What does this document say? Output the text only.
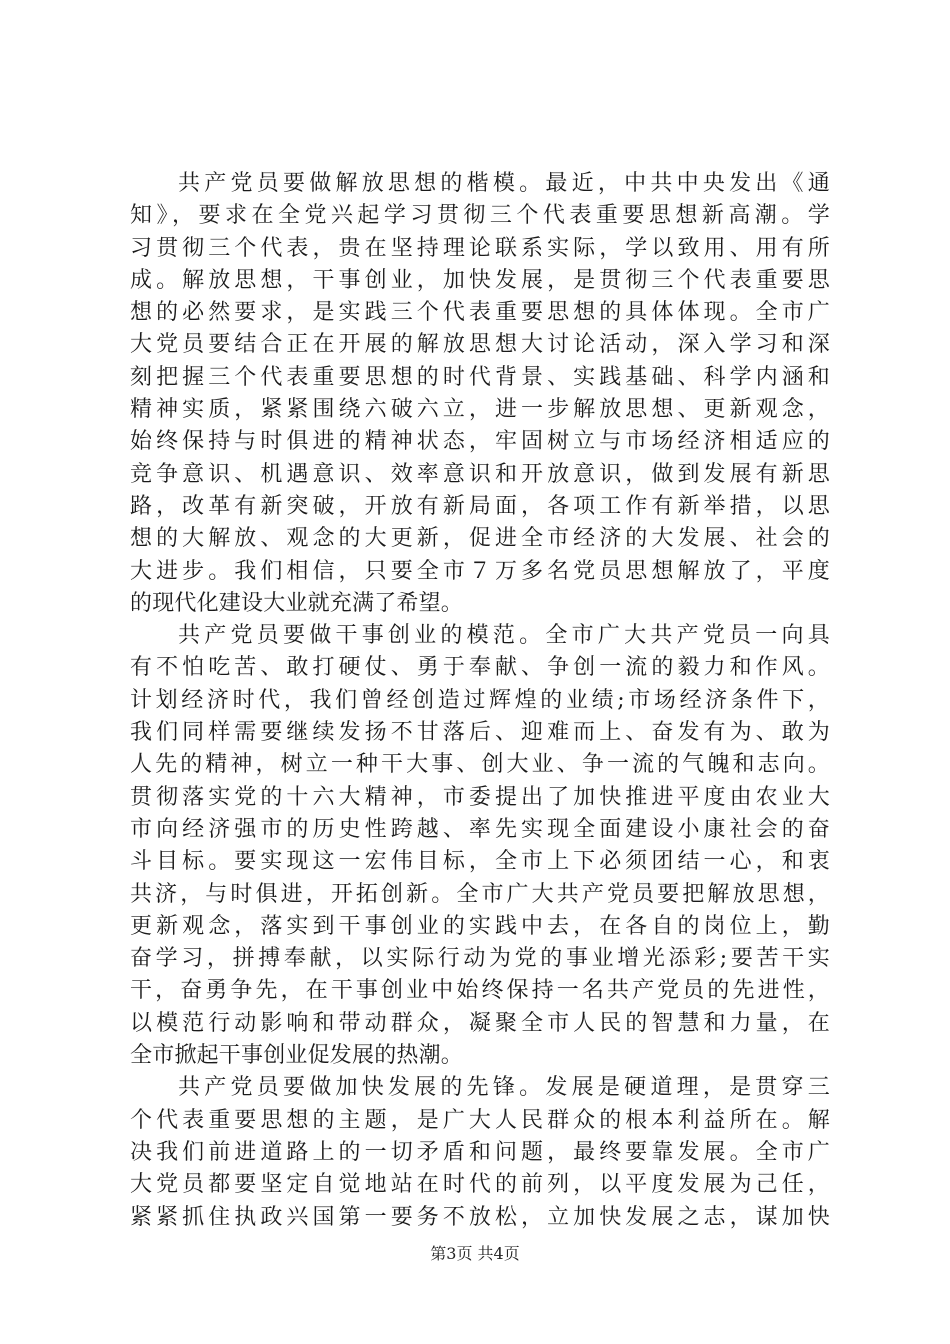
共产党员要做解放思想的楷模。最近，中共中央发出《通
知》，要求在全党兴起学习贯彻三个代表重要思想新高潮。学
习贯彻三个代表，贵在坚持理论联系实际，学以致用、用有所
成。解放思想，干事创业，加快发展，是贯彻三个代表重要思
想的必然要求，是实践三个代表重要思想的具体体现。全市广
大党员要结合正在开展的解放思想大讨论活动，深入学习和深
刻把握三个代表重要思想的时代背景、实践基础、科学内涵和
精神实质，紧紧围绕六破六立，进一步解放思想、更新观念，
始终保持与时俱进的精神状态，牢固树立与市场经济相适应的
竞争意识、机遇意识、效率意识和开放意识，做到发展有新思
路，改革有新突破，开放有新局面，各项工作有新举措，以思
想的大解放、观念的大更新，促进全市经济的大发展、社会的
大进步。我们相信，只要全市７万多名党员思想解放了，平度
的现代化建设大业就充满了希望。
共产党员要做干事创业的模范。全市广大共产党员一向具
有不怕吃苦、敢打硬仗、勇于奉献、争创一流的毅力和作风。
计划经济时代，我们曾经创造过辉煌的业绩;市场经济条件下，
我们同样需要继续发扬不甘落后、迎难而上、奋发有为、敢为
人先的精神，树立一种干大事、创大业、争一流的气魄和志向。
贯彻落实党的十六大精神，市委提出了加快推进平度由农业大
市向经济强市的历史性跨越、率先实现全面建设小康社会的奋
斗目标。要实现这一宏伟目标，全市上下必须团结一心，和衷
共济，与时俱进，开拓创新。全市广大共产党员要把解放思想，
更新观念，落实到干事创业的实践中去，在各自的岗位上，勤
奋学习，拼搏奉献，以实际行动为党的事业增光添彩;要苦干实
干，奋勇争先，在干事创业中始终保持一名共产党员的先进性，
以模范行动影响和带动群众，凝聚全市人民的智慧和力量，在
全市掀起干事创业促发展的热潮。
共产党员要做加快发展的先锋。发展是硬道理，是贯穿三
个代表重要思想的主题，是广大人民群众的根本利益所在。解
决我们前进道路上的一切矛盾和问题，最终要靠发展。全市广
大党员都要坚定自觉地站在时代的前列，以平度发展为己任，
紧紧抓住执政兴国第一要务不放松，立加快发展之志，谋加快
第3页 共4页
